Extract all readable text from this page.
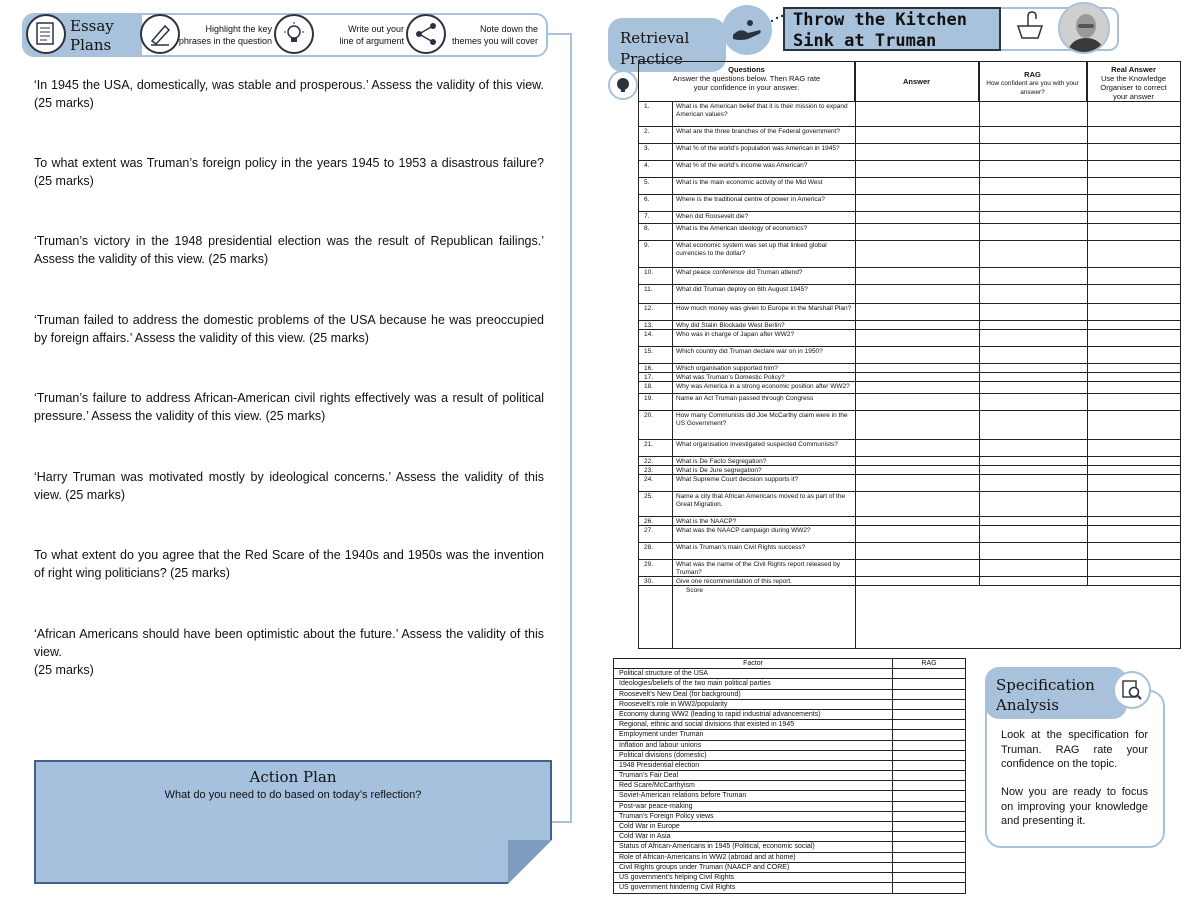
Essay
Plans
Highlight the key
phrases in the question
Write out your
line of argument
Note down the
themes you will cover
‘In 1945 the USA, domestically, was stable and prosperous.’ Assess the validity of this view. (25 marks)
To what extent was Truman’s foreign policy in the years 1945 to 1953 a disastrous failure? (25 marks)
‘Truman’s victory in the 1948 presidential election was the result of Republican failings.’ Assess the validity of this view. (25 marks)
‘Truman failed to address the domestic problems of the USA because he was preoccupied by foreign affairs.’ Assess the validity of this view. (25 marks)
‘Truman’s failure to address African-American civil rights effectively was a result of political pressure.’ Assess the validity of this view. (25 marks)
‘Harry Truman was motivated mostly by ideological concerns.’ Assess the validity of this view. (25 marks)
To what extent do you agree that the Red Scare of the 1940s and 1950s was the invention of right wing politicians? (25 marks)
‘African Americans should have been optimistic about the future.’ Assess the validity of this view.
(25 marks)
Action Plan
What do you need to do based on today’s reflection?
Retrieval
Practice
Throw the Kitchen
Sink at Truman
Questions
Answer the questions below. Then RAG rate
your confidence in your answer.
Answer
RAG
How confident are you with your
answer?
Real Answer
Use the Knowledge
Organiser to correct
your answer
1.	What is the American belief that it is their mission to expand American values?
2.	What are the three branches of the Federal government?
3.	What % of the world’s population was American in 1945?
4.	What % of the world’s income was American?
5.	What is the main economic activity of the Mid West
6.	Where is the traditional centre of power in America?
7.	When did Roosevelt die?
8.	What is the American ideology of economics?
9.	What economic system was set up that linked global currencies to the dollar?
10.	What peace conference did Truman attend?
11.	What did Truman deploy on 6th August 1945?
12.	How much money was given to Europe in the Marshall Plan?
13.	Why did Stalin Blockade West Berlin?
14.	Who was in charge of Japan after WW2?
15.	Which country did Truman declare war on in 1950?
16.	Which organisation supported him?
17.	What was Truman’s Domestic Policy?
18.	Why was America in a strong economic position after WW2?
19.	Name an Act Truman passed through Congress
20.	How many Communists did Joe McCarthy claim were in the US Government?
21.	What organisation investigated suspected Communists?
22.	What is De Facto Segregation?
23.	What is De Jure segregation?
24.	What Supreme Court decision supports it?
25.	Name a city that African Americans moved to as part of the Great Migration.
26.	What is the NAACP?
27.	What was the NAACP campaign during WW2?
28.	What is Truman’s main Civil Rights success?
29.	What was the name of the Civil Rights report released by Truman?
30.	Give one recommendation of this report.
Score
Factor	RAG
Political structure of the USA
Ideologies/beliefs of the two main political parties
Roosevelt’s New Deal (for background)
Roosevelt’s role in WW2/popularity
Economy during WW2 (leading to rapid industrial advancements)
Regional, ethnic and social divisions that existed in 1945
Employment under Truman
Inflation and labour unions
Political divisions (domestic)
1948 Presidential election
Truman’s Fair Deal
Red Scare/McCarthyism
Soviet-American relations before Truman
Post-war peace-making
Truman’s Foreign Policy views
Cold War in Europe
Cold War in Asia
Status of African-Americans in 1945 (Political, economic social)
Role of African-Americans in WW2 (abroad and at home)
Civil Rights groups under Truman (NAACP and CORE)
US government’s helping Civil Rights
US government hindering Civil Rights
Specification
Analysis
Look at the specification for Truman. RAG rate your confidence on the topic.
Now you are ready to focus on improving your knowledge and presenting it.
